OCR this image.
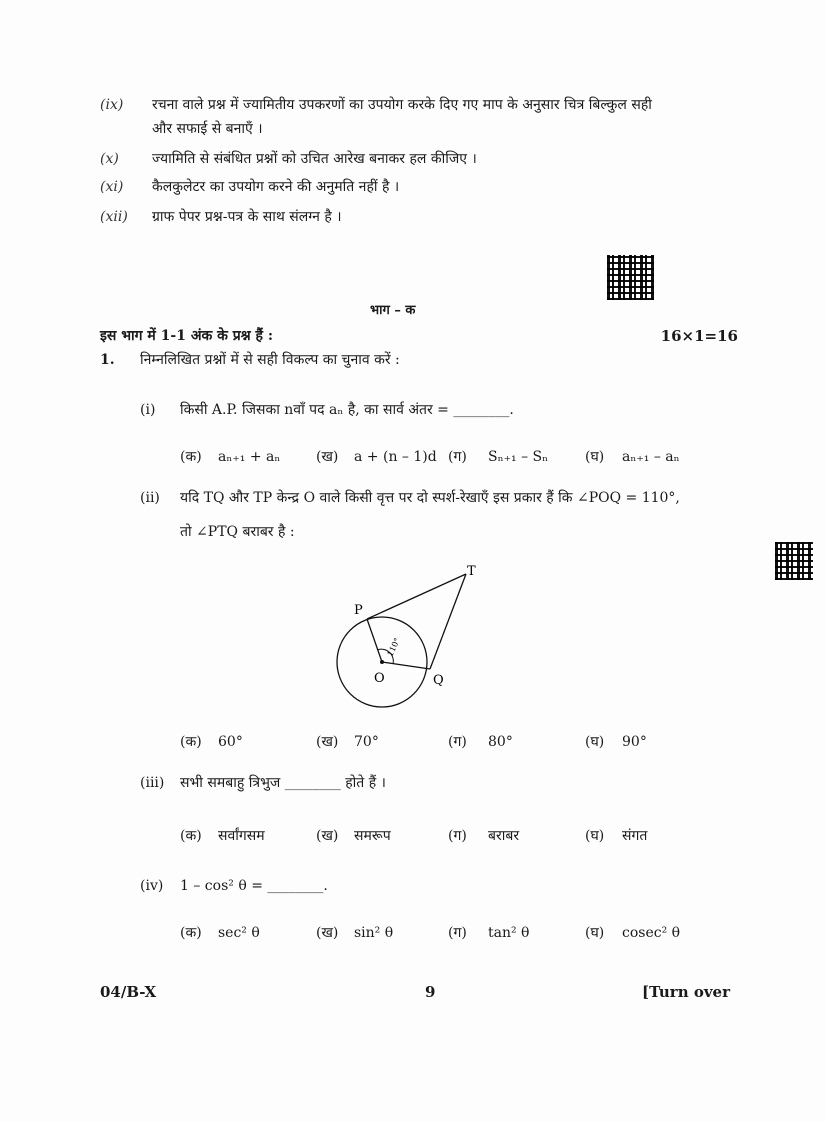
(ix) रचना वाले प्रश्न में ज्यामितीय उपकरणों का उपयोग करके दिए गए माप के अनुसार चित्र बिल्कुल सही
और सफाई से बनाएँ ।
(x) ज्यामिति से संबंधित प्रश्नों को उचित आरेख बनाकर हल कीजिए ।
(xi) कैलकुलेटर का उपयोग करने की अनुमति नहीं है ।
(xii) ग्राफ पेपर प्रश्न-पत्र के साथ संलग्न है ।
भाग – क
इस भाग में 1-1 अंक के प्रश्न हैं :	16×1=16
1. निम्नलिखित प्रश्नों में से सही विकल्प का चुनाव करें :
(i) किसी A.P. जिसका nवाँ पद aₙ है, का सार्व अंतर = ________.
(क) aₙ₊₁ + aₙ	(ख) a + (n – 1)d (ग) Sₙ₊₁ – Sₙ	(घ) aₙ₊₁ – aₙ
(ii) यदि TQ और TP केन्द्र O वाले किसी वृत्त पर दो स्पर्श-रेखाएँ इस प्रकार हैं कि ∠POQ = 110°,
तो ∠PTQ बराबर है :
P
T
O	Q
110°
(क) 60°	(ख) 70°	(ग) 80°	(घ) 90°
(iii) सभी समबाहु त्रिभुज ________ होते हैं ।
(क) सर्वांगसम	(ख) समरूप	(ग) बराबर	(घ) संगत
(iv) 1 – cos² θ = ________.
(क) sec² θ	(ख) sin² θ	(ग) tan² θ	(घ) cosec² θ
04/B-X	9	[Turn over
